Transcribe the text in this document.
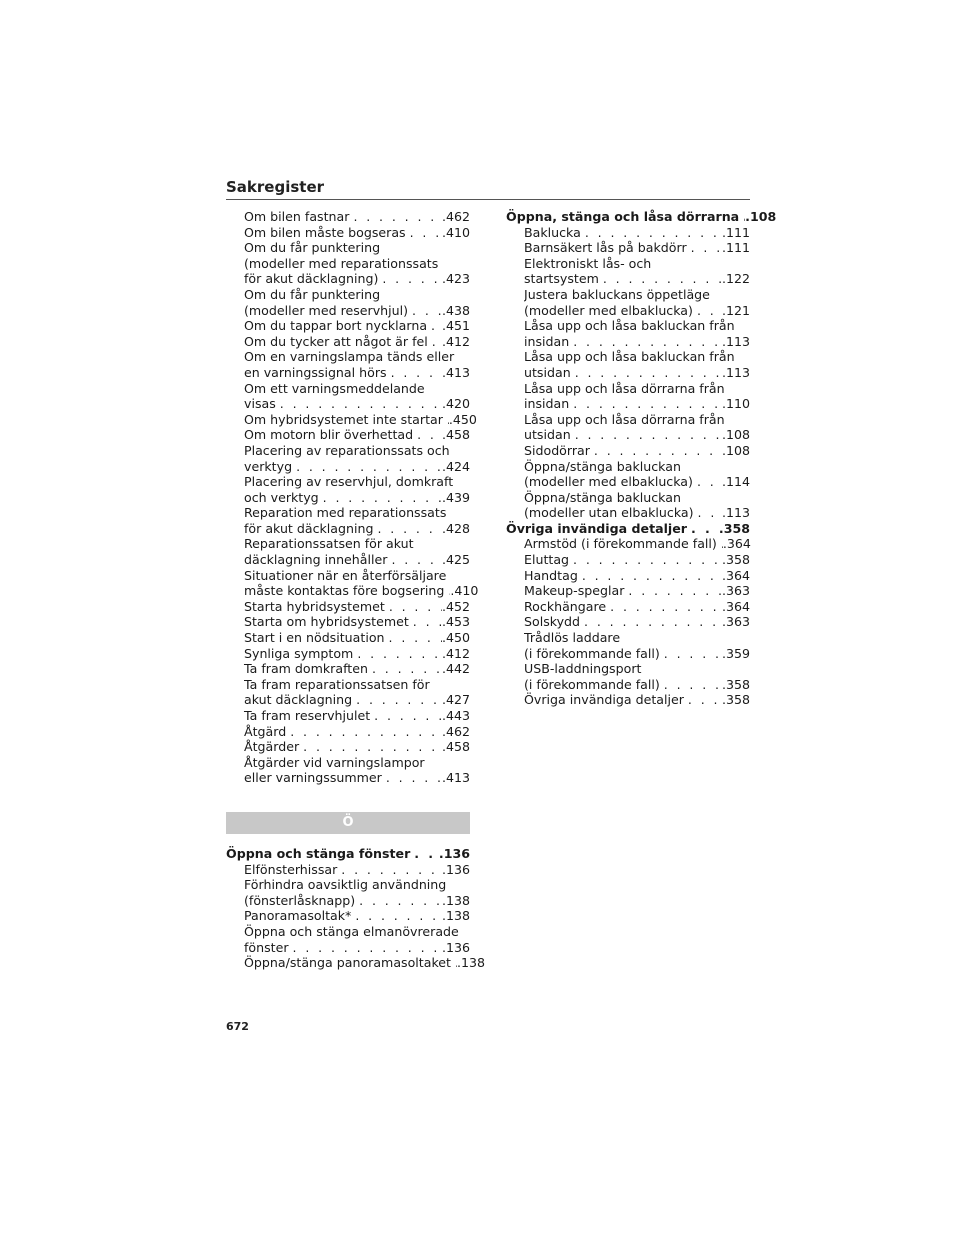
Sakregister
Om bilen fastnar . . .	.462
Om bilen måste bogseras . . .	.410
Om du får punktering
(modeller med reparationssats
för akut däcklagning) . . .	.423
Om du får punktering
(modeller med reservhjul) . . .	.438
Om du tappar bort nycklarna . . . .451
Om du tycker att något är fel . . . .412
Om en varningslampa tänds eller
en varningssignal hörs . . .	.413
Om ett varningsmeddelande
visas . . .	.420
Om hybridsystemet inte startar . . . .450
Om motorn blir överhettad . . . .458
Placering av reparationssats och
verktyg . . .	.424
Placering av reservhjul, domkraft
och verktyg . . .	.439
Reparation med reparationssats
för akut däcklagning . . .	.428
Reparationssatsen för akut
däcklagning innehåller . . .	.425
Situationer när en återförsäljare
måste kontaktas före bogsering . . . .410
Starta hybridsystemet . . .	.452
Starta om hybridsystemet . . .	.453
Start i en nödsituation . . .	.450
Synliga symptom . . .	.412
Ta fram domkraften . . .	.442
Ta fram reparationssatsen för
akut däcklagning . . .	.427
Ta fram reservhjulet . . .	.443
Åtgärd . . .	.462
Åtgärder . . .	.458
Åtgärder vid varningslampor
eller varningssummer . . .	.413
Ö
Öppna och stänga fönster . . . .136
Elfönsterhissar . . .	.136
Förhindra oavsiktlig användning
(fönsterlåsknapp) . . .	.138
Panoramasoltak* . . .	.138
Öppna och stänga elmanövrerade
fönster . . .	.136
Öppna/stänga panoramasoltaket . . . .138
Öppna, stänga och låsa dörrarna . . . .108
Baklucka . . .	.111
Barnsäkert lås på bakdörr . . .	.111
Elektroniskt lås- och
startsystem . . .	.122
Justera bakluckans öppetläge
(modeller med elbaklucka) . . . .121
Låsa upp och låsa bakluckan från
insidan . . .	.113
Låsa upp och låsa bakluckan från
utsidan . . .	.113
Låsa upp och låsa dörrarna från
insidan . . .	.110
Låsa upp och låsa dörrarna från
utsidan . . .	.108
Sidodörrar . . .	.108
Öppna/stänga bakluckan
(modeller med elbaklucka) . . . .114
Öppna/stänga bakluckan
(modeller utan elbaklucka) . . . .113
Övriga invändiga detaljer . . .	.358
Armstöd (i förekommande fall) . . . .364
Eluttag . . .	.358
Handtag . . .	.364
Makeup-speglar . . .	.363
Rockhängare . . .	.364
Solskydd . . .	.363
Trådlös laddare
(i förekommande fall) . . .	.359
USB-laddningsport
(i förekommande fall) . . .	.358
Övriga invändiga detaljer . . .	.358
672
